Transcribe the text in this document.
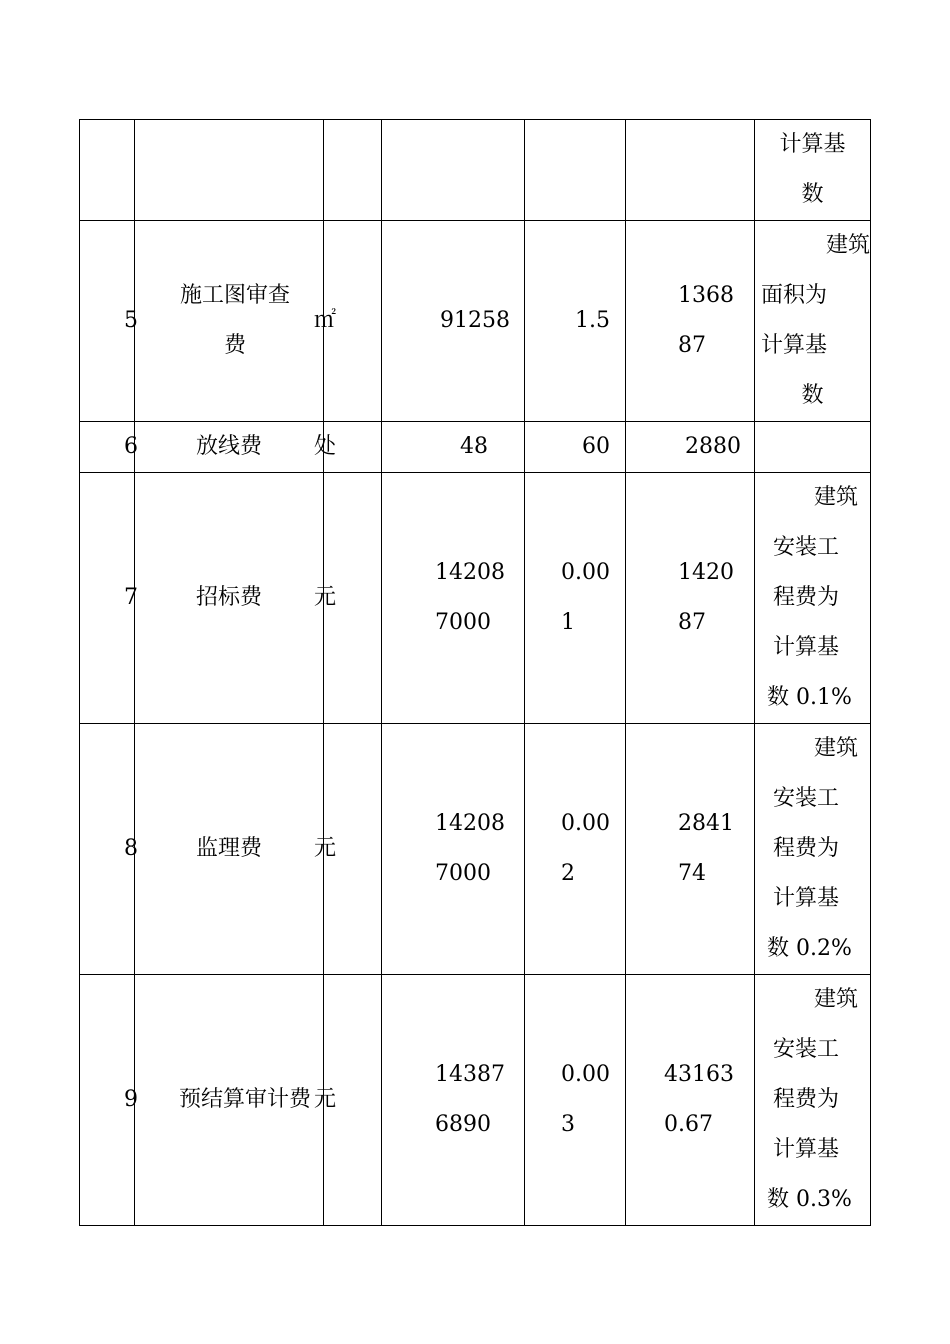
						计算基
数

5	施工图审查费	㎡	91258	1.5	136887	建筑
面积为
计算基
数

6	放线费	处	48	60	2880	
7	招标费	元	142087000	0.001	142087	建筑
安装工
程费为
计算基
数 0.1%

8	监理费	元	142087000	0.002	284174	建筑
安装工
程费为
计算基
数 0.2%

9	预结算审计费	元	143876890	0.003	431630.67	建筑
安装工
程费为
计算基
数 0.3%
